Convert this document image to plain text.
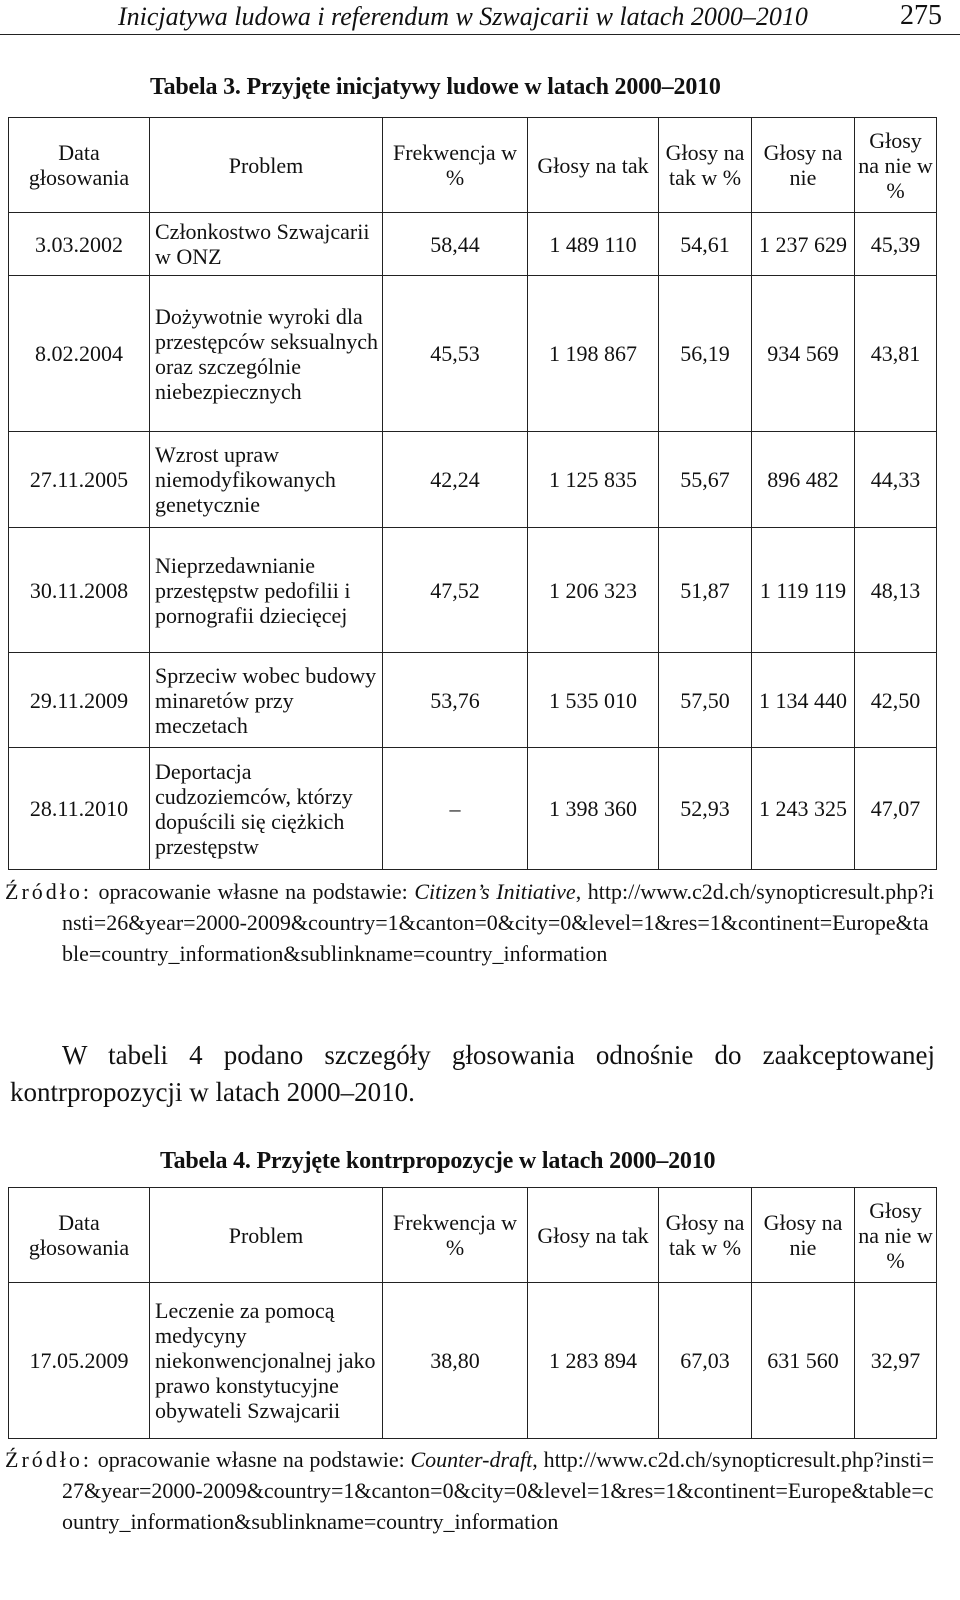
Inicjatywa ludowa i referendum w Szwajcarii w latach 2000–2010	275
Tabela 3. Przyjęte inicjatywy ludowe w latach 2000–2010
Data głosowania	Problem	Frekwencja w %	Głosy na tak	Głosy na tak w %	Głosy na nie	Głosy na nie w %
3.03.2002	Członkostwo Szwajcarii w ONZ	58,44	1 489 110	54,61	1 237 629	45,39
8.02.2004	Dożywotnie wyroki dla przestępców seksualnych oraz szczególnie niebezpiecznych	45,53	1 198 867	56,19	934 569	43,81
27.11.2005	Wzrost upraw niemodyfikowanych genetycznie	42,24	1 125 835	55,67	896 482	44,33
30.11.2008	Nieprzedawnianie przestępstw pedofilii i pornografii dziecięcej	47,52	1 206 323	51,87	1 119 119	48,13
29.11.2009	Sprzeciw wobec budowy minaretów przy meczetach	53,76	1 535 010	57,50	1 134 440	42,50
28.11.2010	Deportacja cudzoziemców, którzy dopuścili się ciężkich przestępstw	–	1 398 360	52,93	1 243 325	47,07
Źródło: opracowanie własne na podstawie: Citizen’s Initiative, http://www.c2d.ch/synopticresult.php?insti=26&year=2000-2009&country=1&canton=0&city=0&level=1&res=1&continent=Europe&table=country_information&sublinkname=country_information
W tabeli 4 podano szczegóły głosowania odnośnie do zaakceptowanej kontrpropozycji w latach 2000–2010.
Tabela 4. Przyjęte kontrpropozycje w latach 2000–2010
Data głosowania	Problem	Frekwencja w %	Głosy na tak	Głosy na tak w %	Głosy na nie	Głosy na nie w %
17.05.2009	Leczenie za pomocą medycyny niekonwencjonalnej jako prawo konstytucyjne obywateli Szwajcarii	38,80	1 283 894	67,03	631 560	32,97
Źródło: opracowanie własne na podstawie: Counter-draft, http://www.c2d.ch/synopticresult.php?insti=27&year=2000-2009&country=1&canton=0&city=0&level=1&res=1&continent=Europe&table=country_information&sublinkname=country_information
